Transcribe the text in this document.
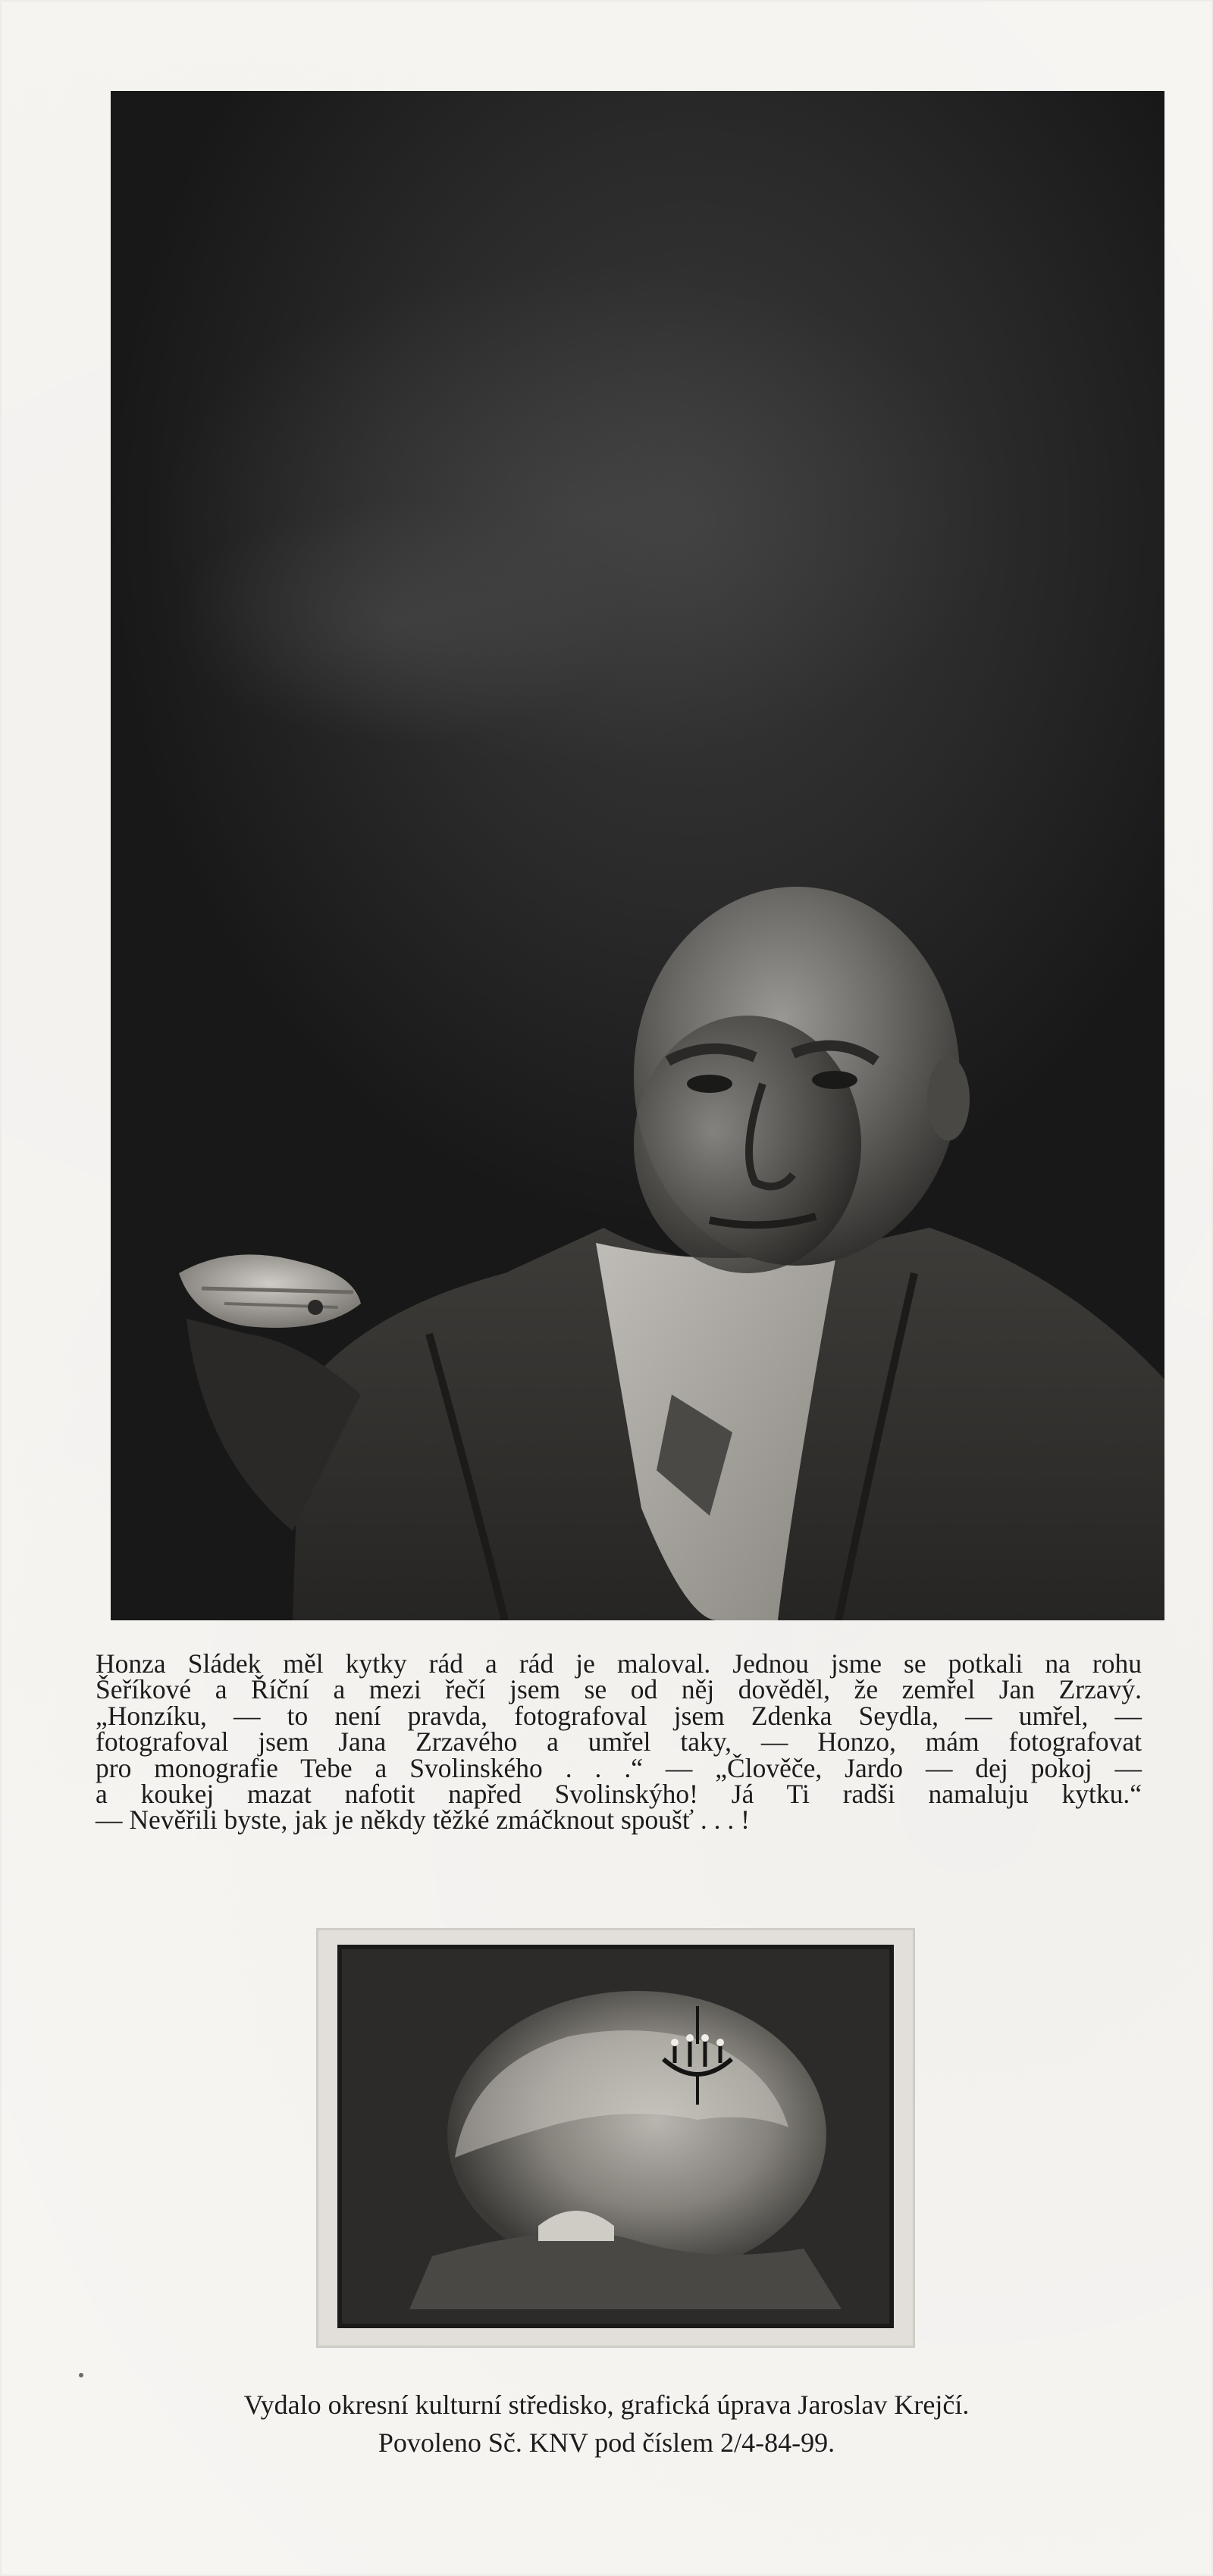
Honza Sládek měl kytky rád a rád je maloval. Jednou jsme se potkali na rohu
Šeříkové a Říční a mezi řečí jsem se od něj dověděl, že zemřel Jan Zrzavý.
„Honzíku, — to není pravda, fotografoval jsem Zdenka Seydla, — umřel, —
fotografoval jsem Jana Zrzavého a umřel taky, — Honzo, mám fotografovat
pro monografie Tebe a Svolinského . . .“ — „Člověče, Jardo — dej pokoj —
a koukej mazat nafotit napřed Svolinskýho! Já Ti radši namaluju kytku.“
— Nevěřili byste, jak je někdy těžké zmáčknout spoušť . . . !
Vydalo okresní kulturní středisko, grafická úprava Jaroslav Krejčí.
Povoleno Sč. KNV pod číslem 2/4-84-99.
